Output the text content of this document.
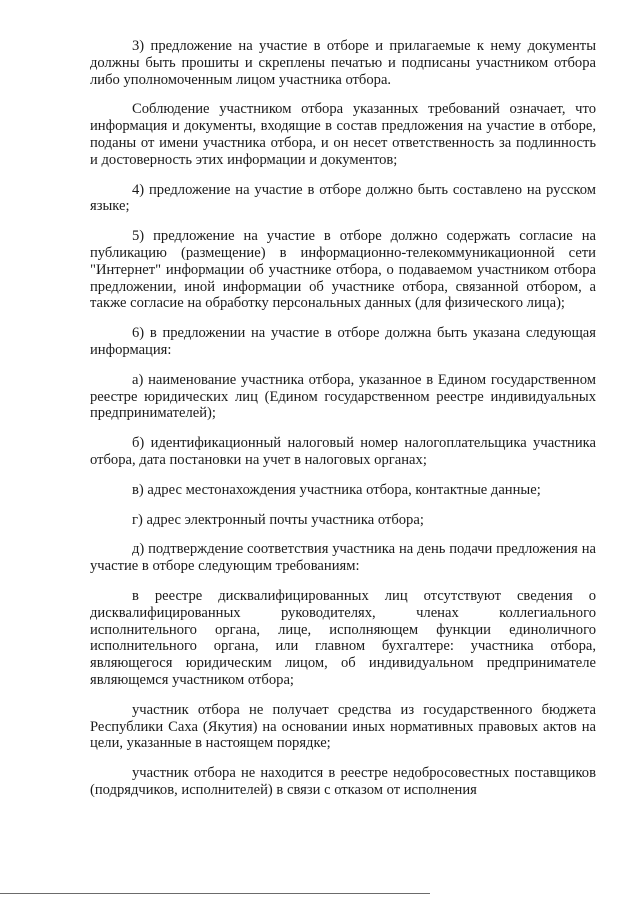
3) предложение на участие в отборе и прилагаемые к нему документы должны быть прошиты и скреплены печатью и подписаны участником отбора либо уполномоченным лицом участника отбора.

Соблюдение участником отбора указанных требований означает, что информация и документы, входящие в состав предложения на участие в отборе, поданы от имени участника отбора, и он несет ответственность за подлинность и достоверность этих информации и документов;

4) предложение на участие в отборе должно быть составлено на русском языке;

5) предложение на участие в отборе должно содержать согласие на публикацию (размещение) в информационно-телекоммуникационной сети "Интернет" информации об участнике отбора, о подаваемом участником отбора предложении, иной информации об участнике отбора, связанной отбором, а также согласие на обработку персональных данных (для физического лица);

6) в предложении на участие в отборе должна быть указана следующая информация:

а) наименование участника отбора, указанное в Едином государственном реестре юридических лиц (Едином государственном реестре индивидуальных предпринимателей);

б) идентификационный налоговый номер налогоплательщика участника отбора, дата постановки на учет в налоговых органах;

в) адрес местонахождения участника отбора, контактные данные;

г) адрес электронный почты участника отбора;

д) подтверждение соответствия участника на день подачи предложения на участие в отборе следующим требованиям:

в реестре дисквалифицированных лиц отсутствуют сведения о дисквалифицированных руководителях, членах коллегиального исполнительного органа, лице, исполняющем функции единоличного исполнительного органа, или главном бухгалтере: участника отбора, являющегося юридическим лицом, об индивидуальном предпринимателе являющемся участником отбора;

участник отбора не получает средства из государственного бюджета Республики Саха (Якутия) на основании иных нормативных правовых актов на цели, указанные в настоящем порядке;

участник отбора не находится в реестре недобросовестных поставщиков (подрядчиков, исполнителей) в связи с отказом от исполнения
